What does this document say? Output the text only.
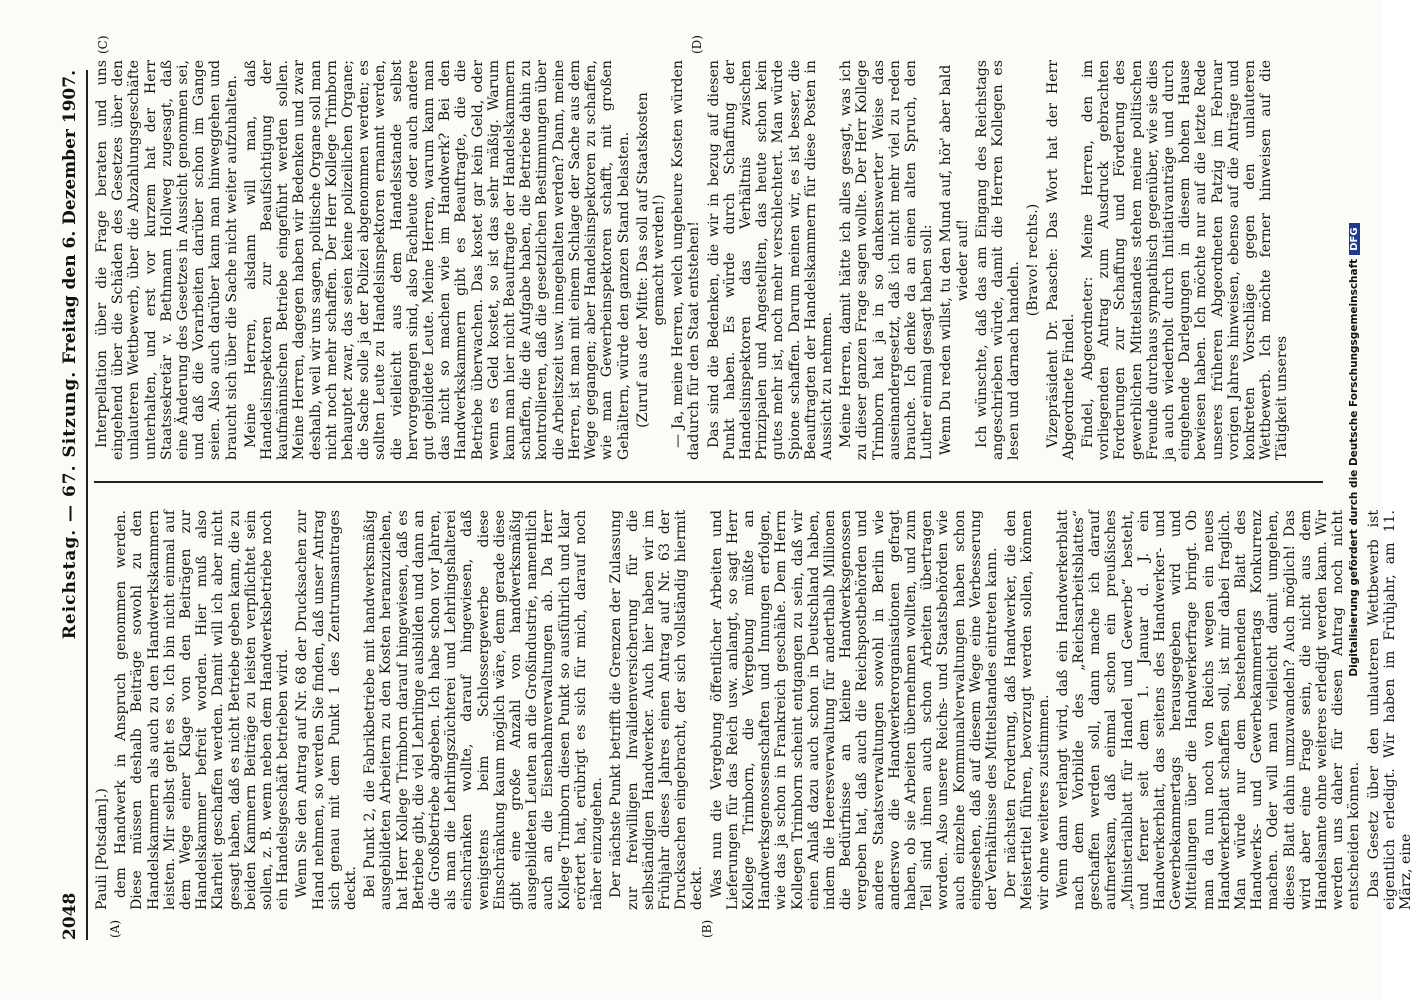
2048
Reichstag. — 67. Sitzung.
Freitag den 6. Dezember 1907.
(A)	(B)
(C)	(D)

Pauli [Potsdam].) dem Handwerk in Anspruch genommen werden. Diese müssen deshalb Beiträge sowohl zu den Handelskammern als auch zu den Handwerkskammern leisten. Mir selbst geht es so. Ich bin nicht einmal auf dem Wege einer Klage von den Beiträgen zur Handelskammer befreit worden. Hier muß also Klarheit geschaffen werden. Damit will ich aber nicht gesagt haben, daß es nicht Betriebe geben kann, die zu beiden Kammern Beiträge zu leisten verpflichtet sein sollen, z. B. wenn neben dem Handwerksbetriebe noch ein Handelsgeschäft betrieben wird. Wenn Sie den Antrag auf Nr. 68 der Drucksachen zur Hand nehmen, so werden Sie finden, daß unser Antrag sich genau mit dem Punkt 1 des Zentrumsantrages deckt. Bei Punkt 2, die Fabrikbetriebe mit handwerksmäßig ausgebildeten Arbeitern zu den Kosten heranzuziehen, hat Herr Kollege Trimborn darauf hingewiesen, daß es Betriebe gibt, die viel Lehrlinge ausbilden und dann an die Großbetriebe abgeben. Ich habe schon vor Jahren, als man die Lehrlingszüchterei und Lehrlingshalterei einschränken wollte, darauf hingewiesen, daß wenigstens beim Schlossergewerbe diese Einschränkung kaum möglich wäre, denn gerade diese gibt eine große Anzahl von handwerksmäßig ausgebildeten Leuten an die Großindustrie, namentlich auch an die Eisenbahnverwaltungen ab. Da Herr Kollege Trimborn diesen Punkt so ausführlich und klar erörtert hat, erübrigt es sich für mich, darauf noch näher einzugehen. Der nächste Punkt betrifft die Grenzen der Zulassung zur freiwilligen Invalidenversicherung für die selbständigen Handwerker. Auch hier haben wir im Frühjahr dieses Jahres einen Antrag auf Nr. 63 der Drucksachen eingebracht, der sich vollständig hiermit deckt. Was nun die Vergebung öffentlicher Arbeiten und Lieferungen für das Reich usw. anlangt, so sagt Herr Kollege Trimborn, die Vergebung müßte an Handwerksgenossenschaften und Innungen erfolgen, wie das ja schon in Frankreich geschähe. Dem Herrn Kollegen Trimborn scheint entgangen zu sein, daß wir einen Anlaß dazu auch schon in Deutschland haben, indem die Heeresverwaltung für anderthalb Millionen die Bedürfnisse an kleine Handwerksgenossen vergeben hat, daß auch die Reichspostbehörden und andere Staatsverwaltungen sowohl in Berlin wie anderswo die Handwerkerorganisationen gefragt haben, ob sie Arbeiten übernehmen wollten, und zum Teil sind ihnen auch schon Arbeiten übertragen worden. Also unsere Reichs- und Staatsbehörden wie auch einzelne Kommunalverwaltungen haben schon eingesehen, daß auf diesem Wege eine Verbesserung der Verhältnisse des Mittelstandes eintreten kann. Der nächsten Forderung, daß Handwerker, die den Meistertitel führen, bevorzugt werden sollen, können wir ohne weiteres zustimmen. Wenn dann verlangt wird, daß ein Handwerkerblatt nach dem Vorbilde des „Reichsarbeitsblattes“ geschaffen werden soll, dann mache ich darauf aufmerksam, daß einmal schon ein preußisches „Ministerialblatt für Handel und Gewerbe“ besteht, und ferner seit dem 1. Januar d. J. ein Handwerkerblatt, das seitens des Handwerker- und Gewerbekammertags herausgegeben wird und Mitteilungen über die Handwerkerfrage bringt. Ob man da nun noch von Reichs wegen ein neues Handwerkerblatt schaffen soll, ist mir dabei fraglich. Man würde nur dem bestehenden Blatt des Handwerks- und Gewerbekammertags Konkurrenz machen. Oder will man vielleicht damit umgehen, dieses Blatt dahin umzuwandeln? Auch möglich! Das wird aber eine Frage sein, die nicht aus dem Handelsamte ohne weiteres erledigt werden kann. Wir werden uns daher für diesen Antrag noch nicht entscheiden können. Das Gesetz über den unlauteren Wettbewerb ist eigentlich erledigt. Wir haben im Frühjahr, am 11. März, eine

Interpellation über die Frage beraten und uns eingehend über die Schäden des Gesetzes über den unlauteren Wettbewerb, über die Abzahlungsgeschäfte unterhalten, und erst vor kurzem hat der Herr Staatssekretär v. Bethmann Hollweg zugesagt, daß eine Änderung des Gesetzes in Aussicht genommen sei, und daß die Vorarbeiten darüber schon im Gange seien. Also auch darüber kann man hinweggehen und braucht sich über die Sache nicht weiter aufzuhalten. Meine Herren, alsdann will man, daß Handelsinspektoren zur Beaufsichtigung der kaufmännischen Betriebe eingeführt werden sollen. Meine Herren, dagegen haben wir Bedenken und zwar deshalb, weil wir uns sagen, politische Organe soll man nicht noch mehr schaffen. Der Herr Kollege Trimborn behauptet zwar, das seien keine polizeilichen Organe; die Sache solle ja der Polizei abgenommen werden; es sollten Leute zu Handelsinspektoren ernannt werden, die vielleicht aus dem Handelsstande selbst hervorgegangen sind, also Fachleute oder auch andere gut gebildete Leute. Meine Herren, warum kann man das nicht so machen wie im Handwerk? Bei den Handwerkskammern gibt es Beauftragte, die die Betriebe überwachen. Das kostet gar kein Geld, oder wenn es Geld kostet, so ist das sehr mäßig. Warum kann man hier nicht Beauftragte der Handelskammern schaffen, die die Aufgabe haben, die Betriebe dahin zu kontrollieren, daß die gesetzlichen Bestimmungen über die Arbeitszeit usw. innegehalten werden? Dann, meine Herren, ist man mit einem Schlage der Sache aus dem Wege gegangen; aber Handelsinspektoren zu schaffen, wie man Gewerbeinspektoren schafft, mit großen Gehältern, würde den ganzen Stand belasten. (Zuruf aus der Mitte: Das soll auf Staatskosten gemacht werden!) — Ja, meine Herren, welch ungeheure Kosten würden dadurch für den Staat entstehen! Das sind die Bedenken, die wir in bezug auf diesen Punkt haben. Es würde durch Schaffung der Handelsinspektoren das Verhältnis zwischen Prinzipalen und Angestellten, das heute schon kein gutes mehr ist, noch mehr verschlechtert. Man würde Spione schaffen. Darum meinen wir, es ist besser, die Beauftragten der Handelskammern für diese Posten in Aussicht zu nehmen. Meine Herren, damit hätte ich alles gesagt, was ich zu dieser ganzen Frage sagen wollte. Der Herr Kollege Trimborn hat ja in so dankenswerter Weise das auseinandergesetzt, daß ich nicht mehr viel zu reden brauche. Ich denke da an einen alten Spruch, den Luther einmal gesagt haben soll: Wenn Du reden willst, tu den Mund auf, hör' aber bald wieder auf! Ich wünschte, daß das am Eingang des Reichstags angeschrieben würde, damit die Herren Kollegen es lesen und darnach handeln.

(Bravo! rechts.) Vizepräsident Dr. Paasche: Das Wort hat der Herr Abgeordnete Findel. Findel, Abgeordneter: Meine Herren, den im vorliegenden Antrag zum Ausdruck gebrachten Forderungen zur Schaffung und Förderung des gewerblichen Mittelstandes stehen meine politischen Freunde durchaus sympathisch gegenüber, wie sie dies ja auch wiederholt durch Initiativanträge und durch eingehende Darlegungen in diesem hohen Hause bewiesen haben. Ich möchte nur auf die letzte Rede unseres früheren Abgeordneten Patzig im Februar vorigen Jahres hinweisen, ebenso auf die Anträge und konkreten Vorschläge gegen den unlauteren Wettbewerb. Ich möchte ferner hinweisen auf die Tätigkeit unseres	Digitalisierung gefördert durch die Deutsche ForschungsgemeinschaftDFG
